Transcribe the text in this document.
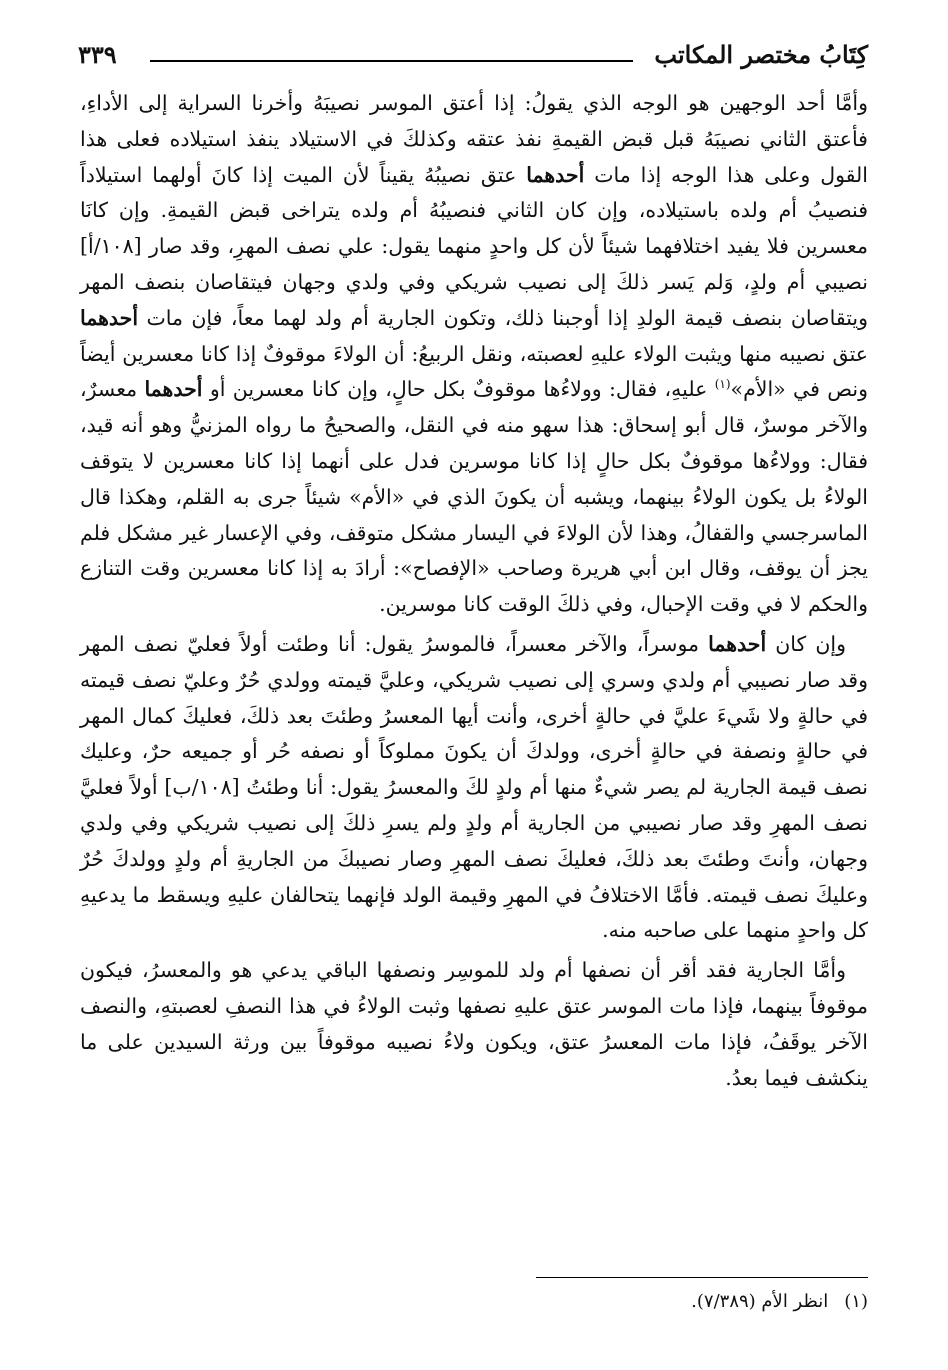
كِتَابُ مختصر المكاتب
٣٣٩

وأمَّا أحد الوجهين هو الوجه الذي يقولُ: إذا أعتق الموسر نصيبَهُ وأخرنا السراية إلى الأداءِ، فأعتق الثاني نصيبَهُ قبل قبض القيمةِ نفذ عتقه وكذلكَ في الاستيلاد ينفذ استيلاده فعلى هذا القول وعلى هذا الوجه إذا مات أحدهما عتق نصيبُهُ يقيناً لأن الميت إذا كانَ أولهما استيلاداً فنصيبُ أم ولده باستيلاده، وإن كان الثاني فنصيبُهُ أم ولده يتراخى قبض القيمةِ. وإن كانَا معسرين فلا يفيد اختلافهما شيئاً لأن كل واحدٍ منهما يقول: علي نصف المهرِ، وقد صار [١٠٨/أ] نصيبي أم ولدٍ، وَلم يَسر ذلكَ إلى نصيب شريكي وفي ولدي وجهان فيتقاصان بنصف المهر ويتقاصان بنصف قيمة الولدِ إذا أوجبنا ذلك، وتكون الجارية أم ولد لهما معاً، فإن مات أحدهما عتق نصيبه منها ويثبت الولاء عليهِ لعصبته، ونقل الربيعُ: أن الولاءَ موقوفٌ إذا كانا معسرين أيضاً ونص في «الأم»$^{(١)}$ عليهِ، فقال: وولاءُها موقوفٌ بكل حالٍ، وإن كانا معسرين أو أحدهما معسرٌ، والآخر موسرٌ، قال أبو إسحاق: هذا سهو منه في النقل، والصحيحُ ما رواه المزنيُّ وهو أنه قيد، فقال: وولاءُها موقوفٌ بكل حالٍ إذا كانا موسرين فدل على أنهما إذا كانا معسرين لا يتوقف الولاءُ بل يكون الولاءُ بينهما، ويشبه أن يكونَ الذي في «الأم» شيئاً جرى به القلم، وهكذا قال الماسرجسي والقفالُ، وهذا لأن الولاءَ في اليسار مشكل متوقف، وفي الإعسار غير مشكل فلم يجز أن يوقف، وقال ابن أبي هريرة وصاحب «الإفصاح»: أرادَ به إذا كانا معسرين وقت التنازع والحكم لا في وقت الإحبال، وفي ذلكَ الوقت كانا موسرين.

وإن كان أحدهما موسراً، والآخر معسراً، فالموسرُ يقول: أنا وطئت أولاً فعليّ نصف المهر وقد صار نصيبي أم ولدي وسري إلى نصيب شريكي، وعليَّ قيمته وولدي حُرٌ وعليّ نصف قيمته في حالةٍ ولا شَيءَ عليَّ في حالةٍ أخرى، وأنت أيها المعسرُ وطئتَ بعد ذلكَ، فعليكَ كمال المهر في حالةٍ ونصفة في حالةٍ أخرى، وولدكَ أن يكونَ مملوكاً أو نصفه حُر أو جميعه حرٌ، وعليك نصف قيمة الجارية لم يصر شيءٌ منها أم ولدٍ لكَ والمعسرُ يقول: أنا وطئتُ [١٠٨/ب] أولاً فعليَّ نصف المهرِ وقد صار نصيبي من الجارية أم ولدٍ ولم يسرِ ذلكَ إلى نصيب شريكي وفي ولدي وجهان، وأنتَ وطئتَ بعد ذلكَ، فعليكَ نصف المهرِ وصار نصيبكَ من الجاريةِ أم ولدٍ وولدكَ حُرٌ وعليكَ نصف قيمته. فأمَّا الاختلافُ في المهرِ وقيمة الولد فإنهما يتحالفان عليهِ ويسقط ما يدعيهِ كل واحدٍ منهما على صاحبه منه.

وأمَّا الجارية فقد أقر أن نصفها أم ولد للموسِر ونصفها الباقي يدعي هو والمعسرُ، فيكون موقوفاً بينهما، فإذا مات الموسر عتق عليهِ نصفها وثبت الولاءُ في هذا النصفِ لعصبتهِ، والنصف الآخر يوقَفُ، فإذا مات المعسرُ عتق، ويكون ولاءُ نصيبه موقوفاً بين ورثة السيدين على ما ينكشف فيما بعدُ.

(١)انظر الأم (٧/٣٨٩).
